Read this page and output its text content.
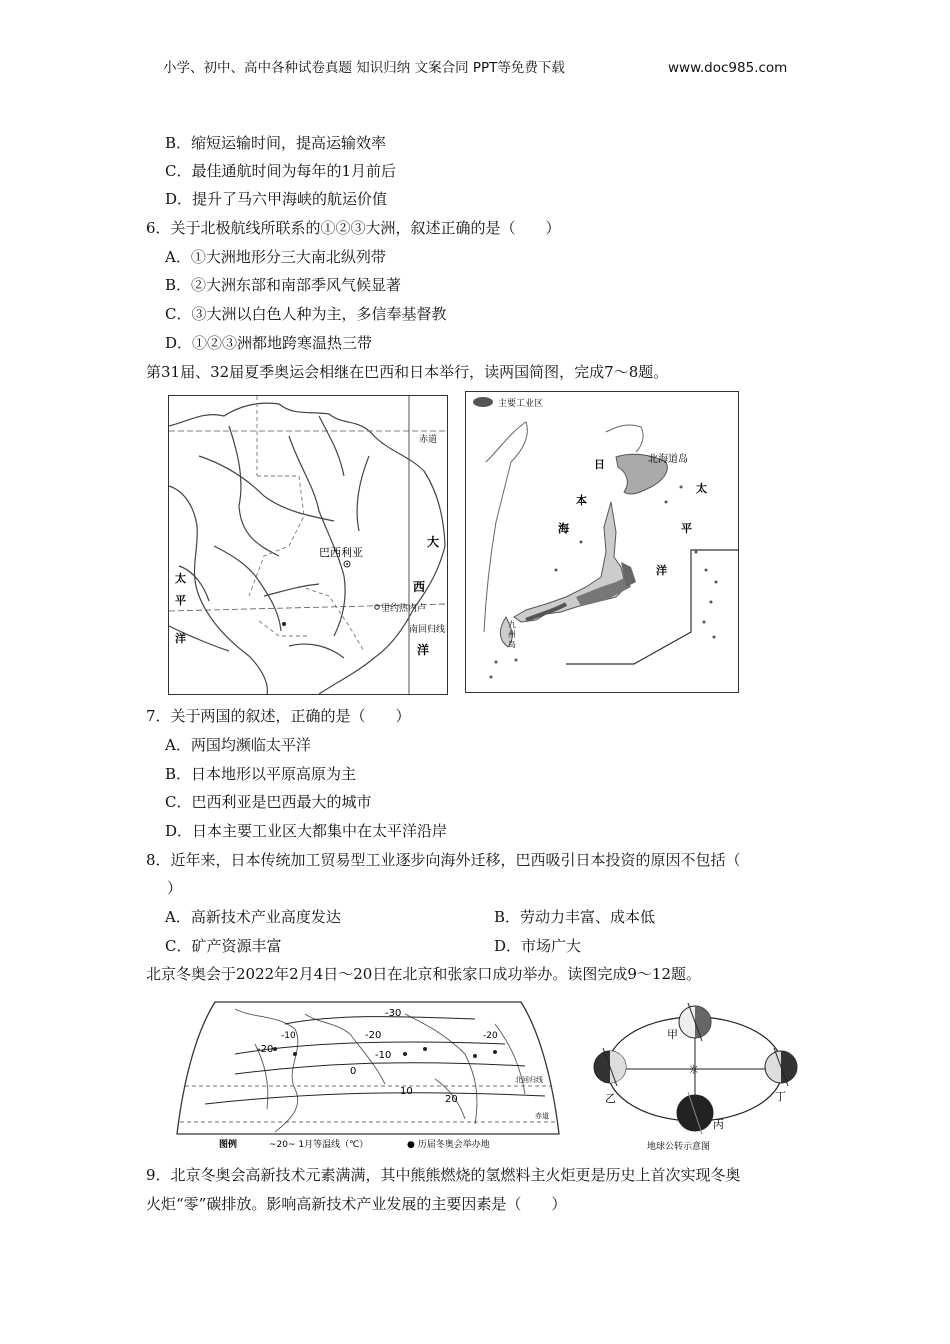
小学、初中、高中各种试卷真题 知识归纳 文案合同 PPT等免费下载	www.doc985.com
B．缩短运输时间，提高运输效率
C．最佳通航时间为每年的1月前后
D．提升了马六甲海峡的航运价值
6．关于北极航线所联系的①②③大洲，叙述正确的是（　　）
A．①大洲地形分三大南北纵列带
B．②大洲东部和南部季风气候显著
C．③大洲以白色人种为主，多信奉基督教
D．①②③洲都地跨寒温热三带
第31届、32届夏季奥运会相继在巴西和日本举行，读两国简图，完成7～8题。
巴西利亚
赤道
里约热内卢
南回归线
太
平
洋
大
西
洋
主要工业区
北海道岛
日
本
海
太
平
洋
九
州
岛
7．关于两国的叙述，正确的是（　　）
A．两国均濒临太平洋
B．日本地形以平原高原为主
C．巴西利亚是巴西最大的城市
D．日本主要工业区大都集中在太平洋沿岸
8．近年来，日本传统加工贸易型工业逐步向海外迁移，巴西吸引日本投资的原因不包括（
）
A．高新技术产业高度发达	B．劳动力丰富、成本低
C．矿产资源丰富	D．市场广大
北京冬奥会于2022年2月4日～20日在北京和张家口成功举办。读图完成9～12题。
-30
-20
-10
0
10
-20
20
-10	-20
北回归线
赤道
图例	~20~ 1月等温线（℃）	● 历届冬奥会举办地
☼
甲
乙
丙
丁
地球公转示意图
9．北京冬奥会高新技术元素满满，其中熊熊燃烧的氢燃料主火炬更是历史上首次实现冬奥
火炬“零”碳排放。影响高新技术产业发展的主要因素是（　　）
